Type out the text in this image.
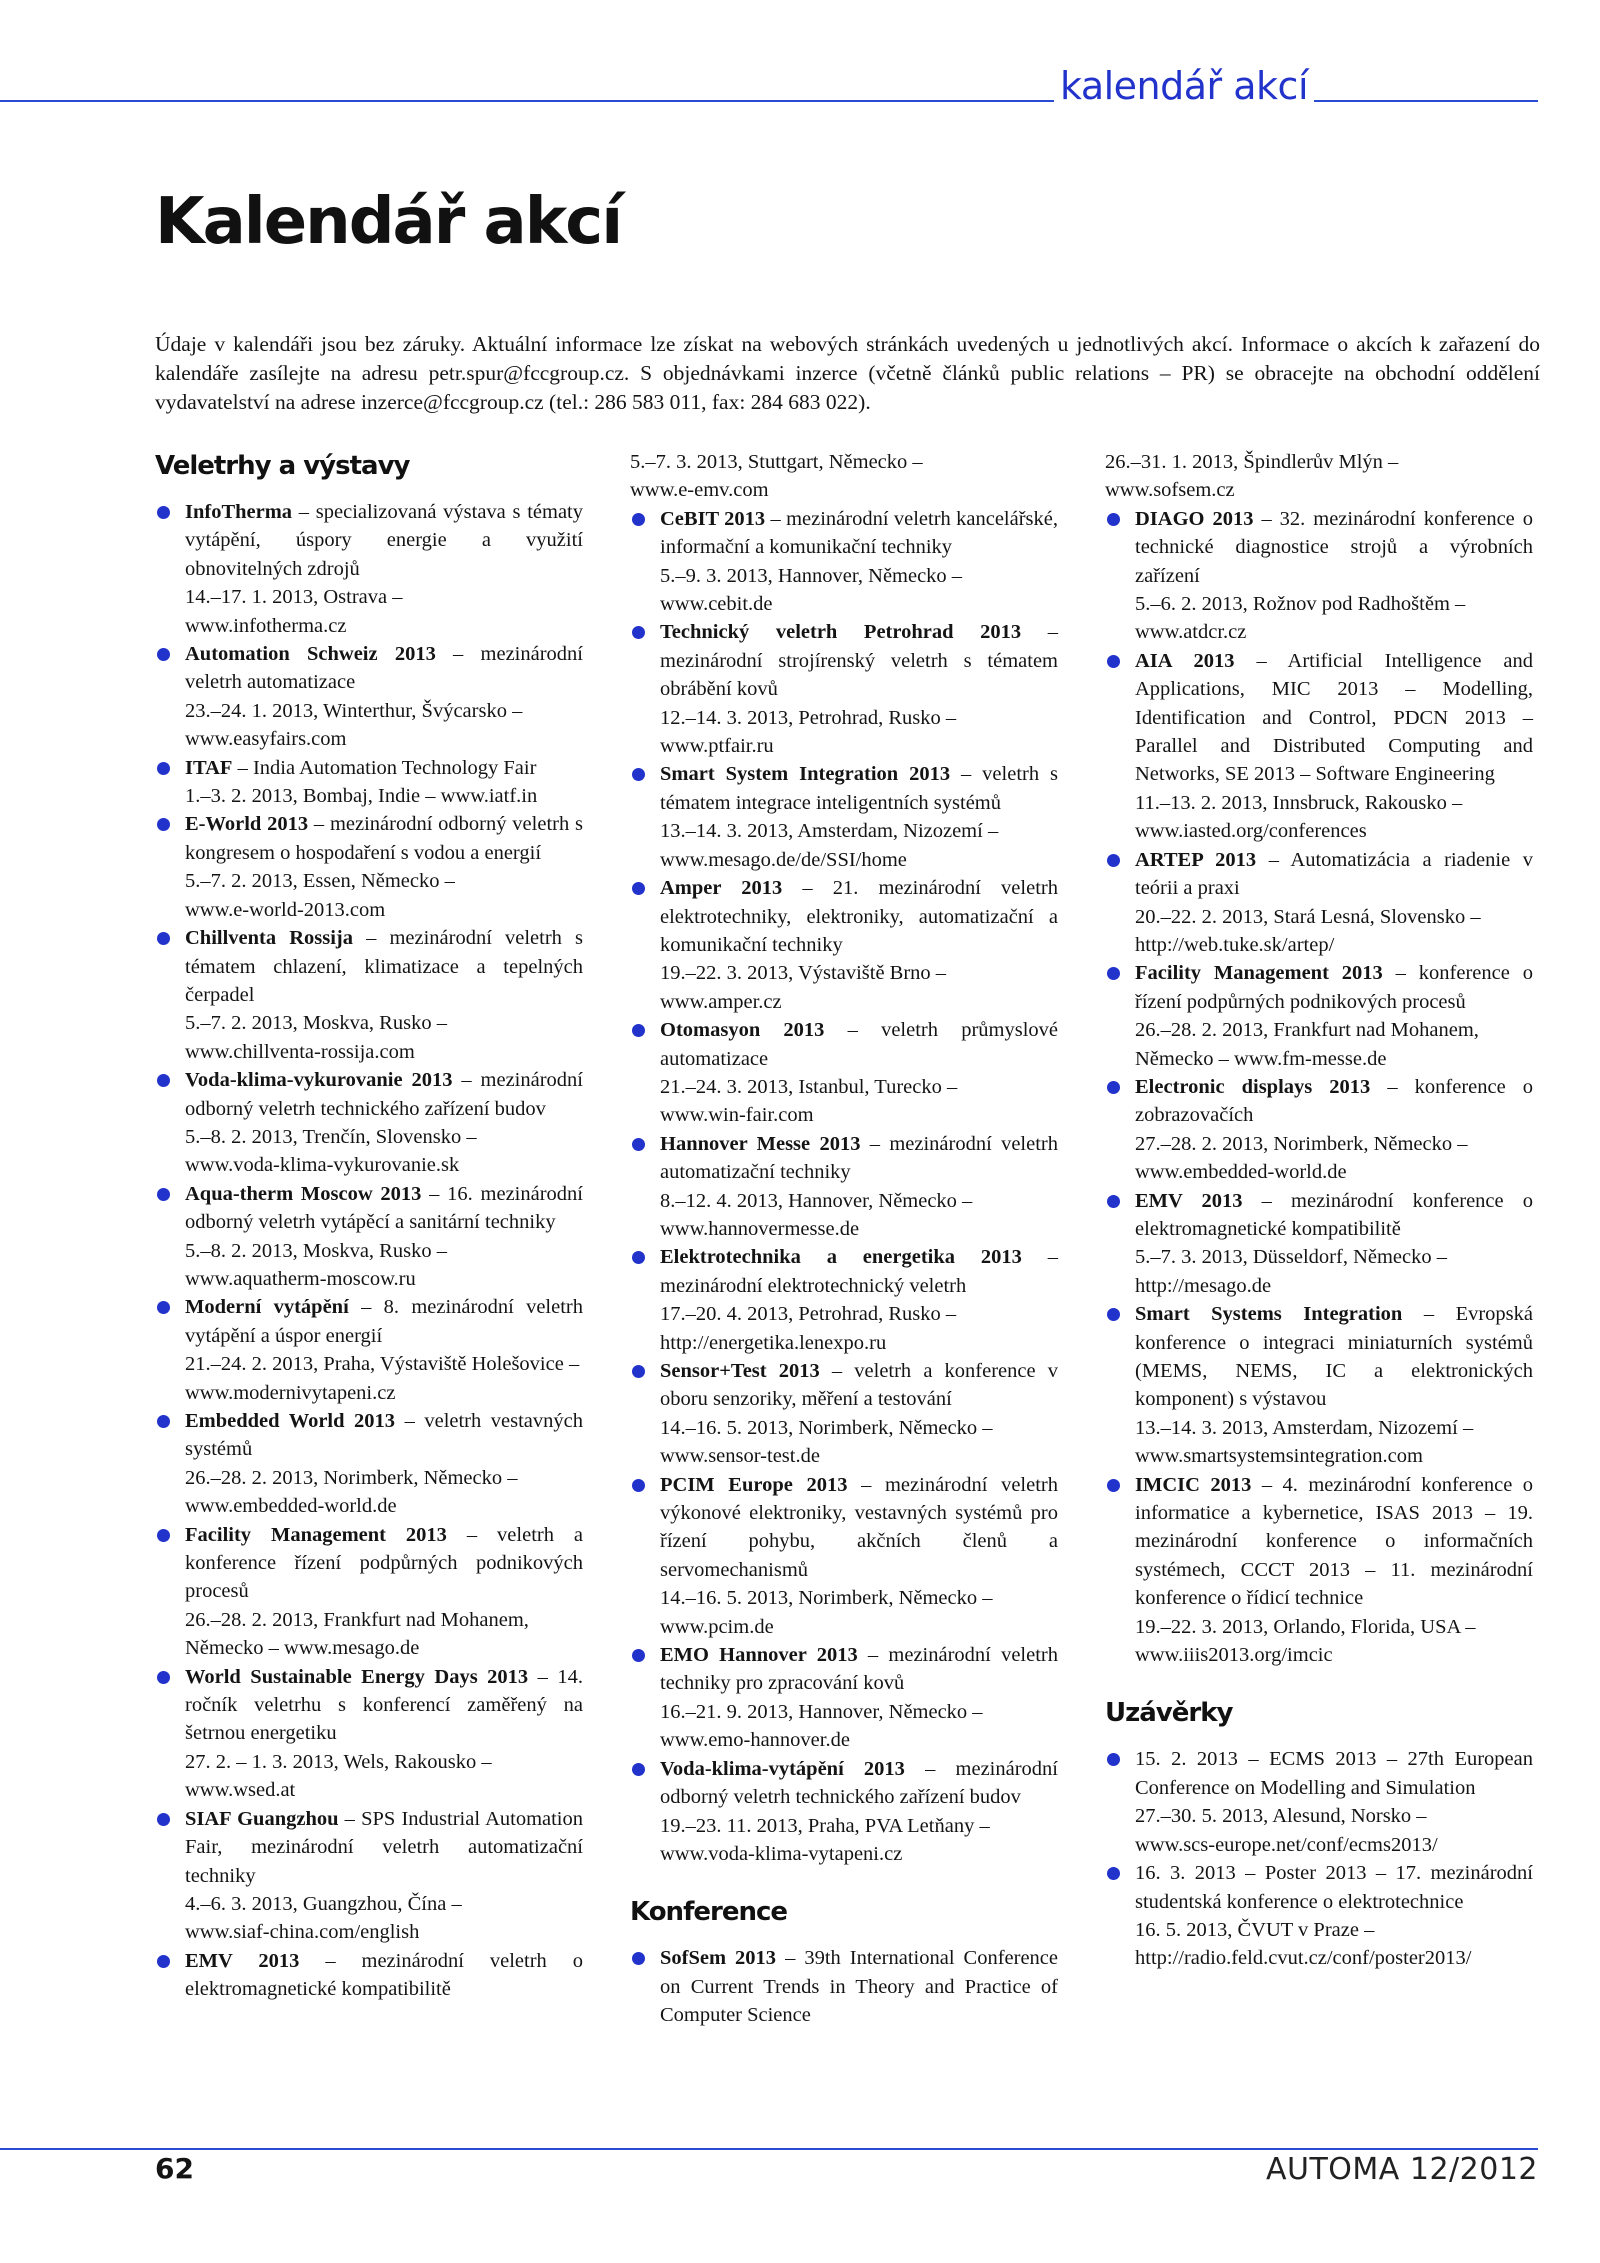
kalendář akcí
Kalendář akcí

Údaje v kalendáři jsou bez záruky. Aktuální informace lze získat na webových stránkách uvedených u jednotlivých akcí. Informace o akcích k zařazení do kalendáře zasílejte na adresu petr.spur@fccgroup.cz. S objednávkami inzerce (včetně článků public relations – PR) se obracejte na obchodní oddělení vydavatelství na adrese inzerce@fccgroup.cz (tel.: 286 583 011, fax: 284 683 022).

Veletrhy a výstavy
InfoTherma – specializovaná výstava s tématy vytápění, úspory energie a využití obnovitelných zdrojů
14.–17. 1. 2013, Ostrava –
www.infotherma.cz
Automation Schweiz 2013 – mezinárodní veletrh automatizace
23.–24. 1. 2013, Winterthur, Švýcarsko –
www.easyfairs.com
ITAF – India Automation Technology Fair
1.–3. 2. 2013, Bombaj, Indie – www.iatf.in
E-World 2013 – mezinárodní odborný veletrh s kongresem o hospodaření s vodou a energií
5.–7. 2. 2013, Essen, Německo –
www.e-world-2013.com
Chillventa Rossija – mezinárodní veletrh s tématem chlazení, klimatizace a tepelných čerpadel
5.–7. 2. 2013, Moskva, Rusko –
www.chillventa-rossija.com
Voda-klima-vykurovanie 2013 – mezinárodní odborný veletrh technického zařízení budov
5.–8. 2. 2013, Trenčín, Slovensko –
www.voda-klima-vykurovanie.sk
Aqua-therm Moscow 2013 – 16. mezinárodní odborný veletrh vytápěcí a sanitární techniky
5.–8. 2. 2013, Moskva, Rusko –
www.aquatherm-moscow.ru
Moderní vytápění – 8. mezinárodní veletrh vytápění a úspor energií
21.–24. 2. 2013, Praha, Výstaviště Holešovice – www.modernivytapeni.cz
Embedded World 2013 – veletrh vestavných systémů
26.–28. 2. 2013, Norimberk, Německo –
www.embedded-world.de
Facility Management 2013 – veletrh a konference řízení podpůrných podnikových procesů
26.–28. 2. 2013, Frankfurt nad Mohanem, Německo – www.mesago.de
World Sustainable Energy Days 2013 – 14. ročník veletrhu s konferencí zaměřený na šetrnou energetiku
27. 2. – 1. 3. 2013, Wels, Rakousko –
www.wsed.at
SIAF Guangzhou – SPS Industrial Automation Fair, mezinárodní veletrh automatizační techniky
4.–6. 3. 2013, Guangzhou, Čína –
www.siaf-china.com/english
EMV 2013 – mezinárodní veletrh o elektromagnetické kompatibilitě
5.–7. 3. 2013, Stuttgart, Německo –
www.e-emv.com
CeBIT 2013 – mezinárodní veletrh kancelářské, informační a komunikační techniky
5.–9. 3. 2013, Hannover, Německo –
www.cebit.de
Technický veletrh Petrohrad 2013 – mezinárodní strojírenský veletrh s tématem obrábění kovů
12.–14. 3. 2013, Petrohrad, Rusko –
www.ptfair.ru
Smart System Integration 2013 – veletrh s tématem integrace inteligentních systémů
13.–14. 3. 2013, Amsterdam, Nizozemí –
www.mesago.de/de/SSI/home
Amper 2013 – 21. mezinárodní veletrh elektrotechniky, elektroniky, automatizační a komunikační techniky
19.–22. 3. 2013, Výstaviště Brno –
www.amper.cz
Otomasyon 2013 – veletrh průmyslové automatizace
21.–24. 3. 2013, Istanbul, Turecko –
www.win-fair.com
Hannover Messe 2013 – mezinárodní veletrh automatizační techniky
8.–12. 4. 2013, Hannover, Německo –
www.hannovermesse.de
Elektrotechnika a energetika 2013 – mezinárodní elektrotechnický veletrh
17.–20. 4. 2013, Petrohrad, Rusko –
http://energetika.lenexpo.ru
Sensor+Test 2013 – veletrh a konference v oboru senzoriky, měření a testování
14.–16. 5. 2013, Norimberk, Německo –
www.sensor-test.de
PCIM Europe 2013 – mezinárodní veletrh výkonové elektroniky, vestavných systémů pro řízení pohybu, akčních členů a servomechanismů
14.–16. 5. 2013, Norimberk, Německo –
www.pcim.de
EMO Hannover 2013 – mezinárodní veletrh techniky pro zpracování kovů
16.–21. 9. 2013, Hannover, Německo –
www.emo-hannover.de
Voda-klima-vytápění 2013 – mezinárodní odborný veletrh technického zařízení budov
19.–23. 11. 2013, Praha, PVA Letňany –
www.voda-klima-vytapeni.cz
Konference
SofSem 2013 – 39th International Conference on Current Trends in Theory and Practice of Computer Science
26.–31. 1. 2013, Špindlerův Mlýn –
www.sofsem.cz
DIAGO 2013 – 32. mezinárodní konference o technické diagnostice strojů a výrobních zařízení
5.–6. 2. 2013, Rožnov pod Radhoštěm –
www.atdcr.cz
AIA 2013 – Artificial Intelligence and Applications, MIC 2013 – Modelling, Identification and Control, PDCN 2013 – Parallel and Distributed Computing and Networks, SE 2013 – Software Engineering
11.–13. 2. 2013, Innsbruck, Rakousko –
www.iasted.org/conferences
ARTEP 2013 – Automatizácia a riadenie v teórii a praxi
20.–22. 2. 2013, Stará Lesná, Slovensko –
http://web.tuke.sk/artep/
Facility Management 2013 – konference o řízení podpůrných podnikových procesů
26.–28. 2. 2013, Frankfurt nad Mohanem, Německo – www.fm-messe.de
Electronic displays 2013 – konference o zobrazovačích
27.–28. 2. 2013, Norimberk, Německo –
www.embedded-world.de
EMV 2013 – mezinárodní konference o elektromagnetické kompatibilitě
5.–7. 3. 2013, Düsseldorf, Německo –
http://mesago.de
Smart Systems Integration – Evropská konference o integraci miniaturních systémů (MEMS, NEMS, IC a elektronických komponent) s výstavou
13.–14. 3. 2013, Amsterdam, Nizozemí –
www.smartsystemsintegration.com
IMCIC 2013 – 4. mezinárodní konference o informatice a kybernetice, ISAS 2013 – 19. mezinárodní konference o informačních systémech, CCCT 2013 – 11. mezinárodní konference o řídicí technice
19.–22. 3. 2013, Orlando, Florida, USA –
www.iiis2013.org/imcic
Uzávěrky
15. 2. 2013 – ECMS 2013 – 27th European Conference on Modelling and Simulation
27.–30. 5. 2013, Alesund, Norsko –
www.scs-europe.net/conf/ecms2013/
16. 3. 2013 – Poster 2013 – 17. mezinárodní studentská konference o elektrotechnice
16. 5. 2013, ČVUT v Praze –
http://radio.feld.cvut.cz/conf/poster2013/
62	AUTOMA 12/2012
